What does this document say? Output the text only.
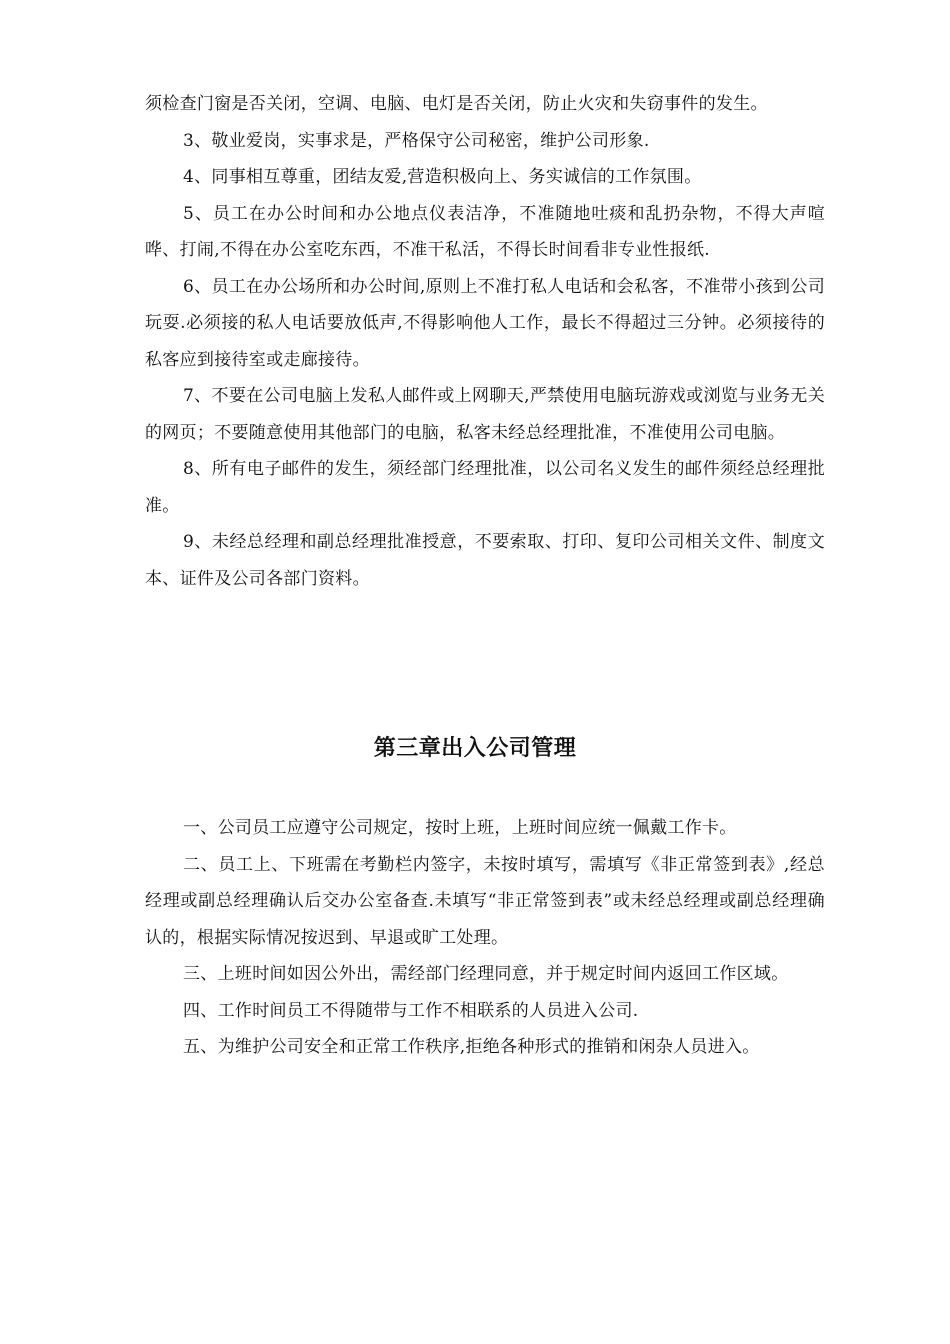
须检查门窗是否关闭，空调、电脑、电灯是否关闭，防止火灾和失窃事件的发生。

3、敬业爱岗，实事求是，严格保守公司秘密，维护公司形象.

4、同事相互尊重，团结友爱,营造积极向上、务实诚信的工作氛围。

5、员工在办公时间和办公地点仪表洁净，不准随地吐痰和乱扔杂物，不得大声喧哗、打闹,不得在办公室吃东西，不准干私活，不得长时间看非专业性报纸.

6、员工在办公场所和办公时间,原则上不准打私人电话和会私客，不准带小孩到公司玩耍.必须接的私人电话要放低声,不得影响他人工作，最长不得超过三分钟。必须接待的私客应到接待室或走廊接待。

7、不要在公司电脑上发私人邮件或上网聊天,严禁使用电脑玩游戏或浏览与业务无关的网页；不要随意使用其他部门的电脑，私客未经总经理批准，不准使用公司电脑。

8、所有电子邮件的发生，须经部门经理批准，以公司名义发生的邮件须经总经理批准。

9、未经总经理和副总经理批准授意，不要索取、打印、复印公司相关文件、制度文本、证件及公司各部门资料。

第三章出入公司管理

一、公司员工应遵守公司规定，按时上班，上班时间应统一佩戴工作卡。

二、员工上、下班需在考勤栏内签字，未按时填写，需填写《非正常签到表》,经总经理或副总经理确认后交办公室备查.未填写“非正常签到表”或未经总经理或副总经理确认的，根据实际情况按迟到、早退或旷工处理。

三、上班时间如因公外出，需经部门经理同意，并于规定时间内返回工作区域。

四、工作时间员工不得随带与工作不相联系的人员进入公司.

五、为维护公司安全和正常工作秩序,拒绝各种形式的推销和闲杂人员进入。
